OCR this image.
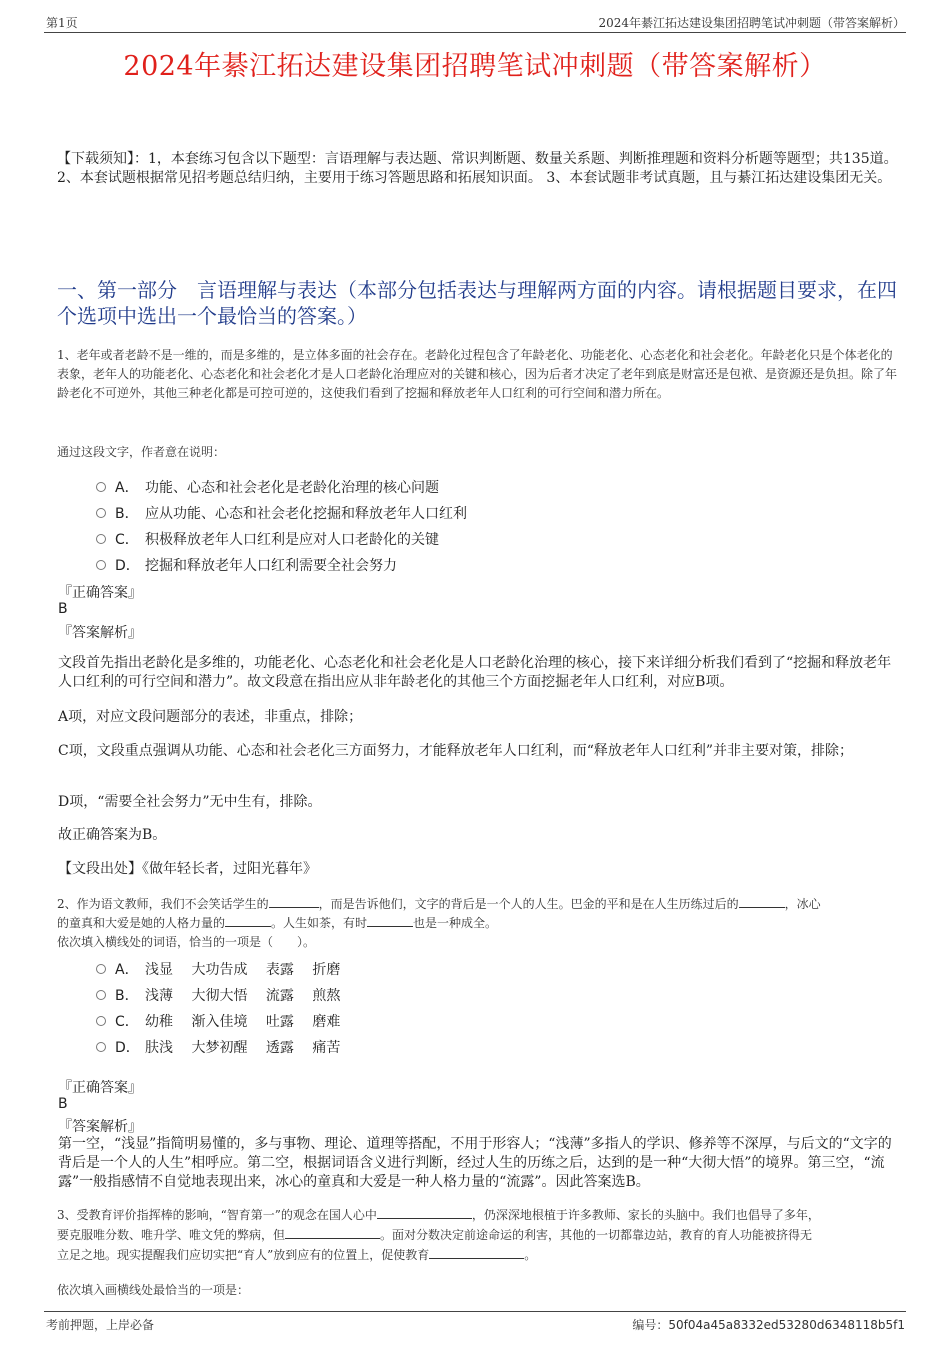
第1页	2024年綦江拓达建设集团招聘笔试冲刺题（带答案解析）
2024年綦江拓达建设集团招聘笔试冲刺题（带答案解析）
【下载须知】：1，本套练习包含以下题型：言语理解与表达题、常识判断题、数量关系题、判断推理题和资料分析题等题型；共135道。 2、本套试题根据常见招考题总结归纳，主要用于练习答题思路和拓展知识面。 3、本套试题非考试真题，且与綦江拓达建设集团无关。
一、第一部分　言语理解与表达（本部分包括表达与理解两方面的内容。请根据题目要求，在四个选项中选出一个最恰当的答案。）
1、老年或者老龄不是一维的，而是多维的，是立体多面的社会存在。老龄化过程包含了年龄老化、功能老化、心态老化和社会老化。年龄老化只是个体老化的表象，老年人的功能老化、心态老化和社会老化才是人口老龄化治理应对的关键和核心，因为后者才决定了老年到底是财富还是包袱、是资源还是负担。除了年龄老化不可逆外，其他三种老化都是可控可逆的，这使我们看到了挖掘和释放老年人口红利的可行空间和潜力所在。
通过这段文字，作者意在说明：
A． 功能、心态和社会老化是老龄化治理的核心问题
B． 应从功能、心态和社会老化挖掘和释放老年人口红利
C． 积极释放老年人口红利是应对人口老龄化的关键
D． 挖掘和释放老年人口红利需要全社会努力
『正确答案』
B
『答案解析』
文段首先指出老龄化是多维的，功能老化、心态老化和社会老化是人口老龄化治理的核心，接下来详细分析我们看到了“挖掘和释放老年人口红利的可行空间和潜力”。故文段意在指出应从非年龄老化的其他三个方面挖掘老年人口红利，对应B项。
A项，对应文段问题部分的表述，非重点，排除；
C项，文段重点强调从功能、心态和社会老化三方面努力，才能释放老年人口红利，而“释放老年人口红利”并非主要对策，排除；
D项，“需要全社会努力”无中生有，排除。
故正确答案为B。
【文段出处】《做年轻长者，过阳光暮年》
2、作为语文教师，我们不会笑话学生的	，而是告诉他们，文字的背后是一个人的人生。巴金的平和是在人生历练过后的	，冰心
的童真和大爱是她的人格力量的	。人生如茶，有时	也是一种成全。
依次填入横线处的词语，恰当的一项是（　　）。
A． 浅显　 大功告成　 表露　 折磨
B． 浅薄　 大彻大悟　 流露　 煎熬
C． 幼稚　 渐入佳境　 吐露　 磨难
D． 肤浅　 大梦初醒　 透露　 痛苦
『正确答案』
B
『答案解析』
第一空，“浅显”指简明易懂的，多与事物、理论、道理等搭配，不用于形容人；“浅薄”多指人的学识、修养等不深厚，与后文的“文字的背后是一个人的人生”相呼应。第二空，根据词语含义进行判断，经过人生的历练之后，达到的是一种“大彻大悟”的境界。第三空，“流露”一般指感情不自觉地表现出来，冰心的童真和大爱是一种人格力量的“流露”。因此答案选B。
3、受教育评价指挥棒的影响，“智育第一”的观念在国人心中	，仍深深地根植于许多教师、家长的头脑中。我们也倡导了多年，
要克服唯分数、唯升学、唯文凭的弊病，但	。面对分数决定前途命运的利害，其他的一切都靠边站，教育的育人功能被挤得无
立足之地。现实提醒我们应切实把“育人”放到应有的位置上，促使教育	。
依次填入画横线处最恰当的一项是：
考前押题，上岸必备	编号：50f04a45a8332ed53280d6348118b5f1
